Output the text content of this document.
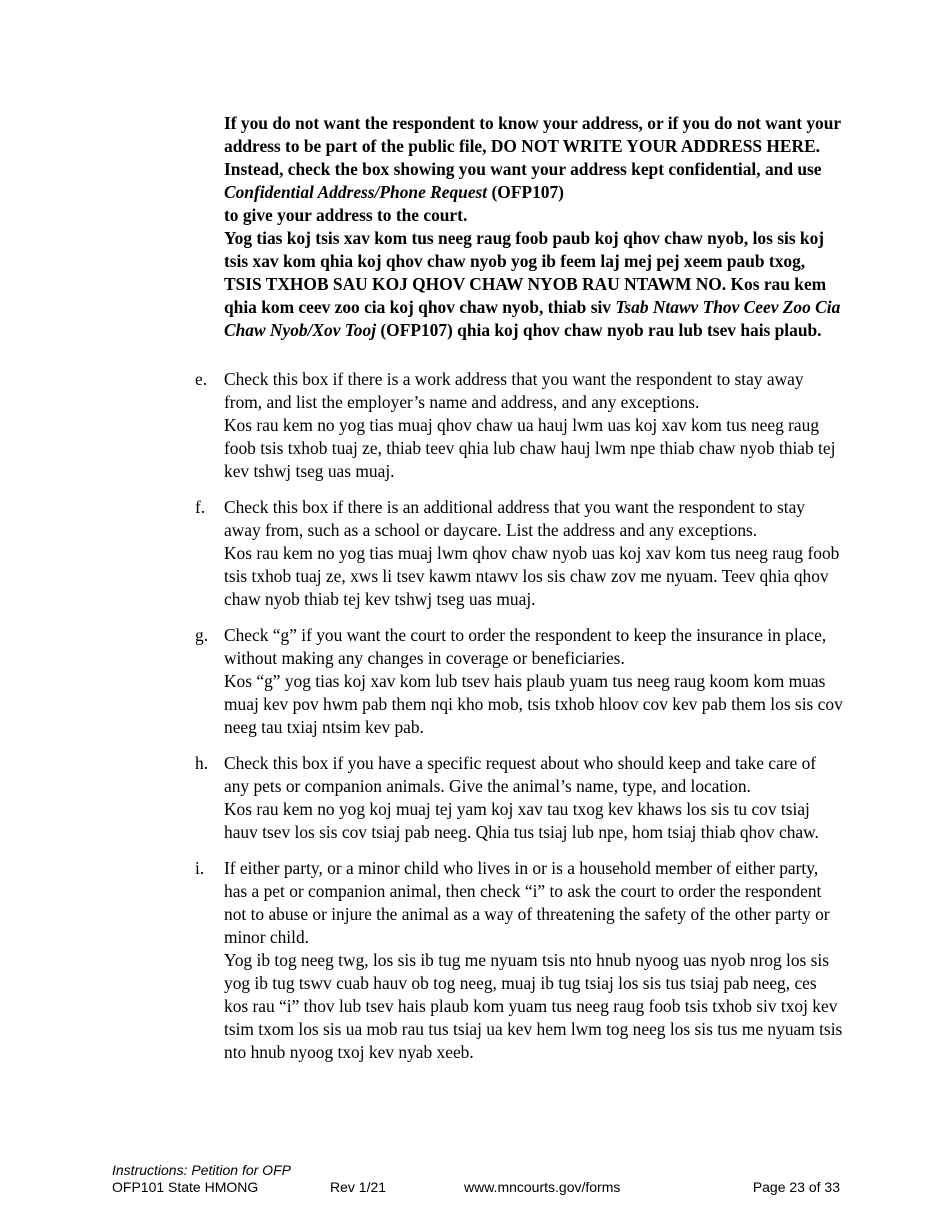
If you do not want the respondent to know your address, or if you do not want your address to be part of the public file, DO NOT WRITE YOUR ADDRESS HERE. Instead, check the box showing you want your address kept confidential, and use Confidential Address/Phone Request (OFP107)
to give your address to the court.

Yog tias koj tsis xav kom tus neeg raug foob paub koj qhov chaw nyob, los sis koj tsis xav kom qhia koj qhov chaw nyob yog ib feem laj mej pej xeem paub txog, TSIS TXHOB SAU KOJ QHOV CHAW NYOB RAU NTAWM NO. Kos rau kem qhia kom ceev zoo cia koj qhov chaw nyob, thiab siv Tsab Ntawv Thov Ceev Zoo Cia Chaw Nyob/Xov Tooj (OFP107) qhia koj qhov chaw nyob rau lub tsev hais plaub.

e. Check this box if there is a work address that you want the respondent to stay away from, and list the employer’s name and address, and any exceptions.

Kos rau kem no yog tias muaj qhov chaw ua hauj lwm uas koj xav kom tus neeg raug foob tsis txhob tuaj ze, thiab teev qhia lub chaw hauj lwm npe thiab chaw nyob thiab tej kev tshwj tseg uas muaj.

f.	Check this box if there is an additional address that you want the respondent to stay away from, such as a school or daycare. List the address and any exceptions.

Kos rau kem no yog tias muaj lwm qhov chaw nyob uas koj xav kom tus neeg raug foob tsis txhob tuaj ze, xws li tsev kawm ntawv los sis chaw zov me nyuam. Teev qhia qhov chaw nyob thiab tej kev tshwj tseg uas muaj.

g. Check “g” if you want the court to order the respondent to keep the insurance in place, without making any changes in coverage or beneficiaries.

Kos “g” yog tias koj xav kom lub tsev hais plaub yuam tus neeg raug koom kom muas muaj kev pov hwm pab them nqi kho mob, tsis txhob hloov cov kev pab them los sis cov neeg tau txiaj ntsim kev pab.

h. Check this box if you have a specific request about who should keep and take care of any pets or companion animals. Give the animal’s name, type, and location.

Kos rau kem no yog koj muaj tej yam koj xav tau txog kev khaws los sis tu cov tsiaj hauv tsev los sis cov tsiaj pab neeg. Qhia tus tsiaj lub npe, hom tsiaj thiab qhov chaw.

i.	If either party, or a minor child who lives in or is a household member of either party, has a pet or companion animal, then check “i” to ask the court to order the respondent not to abuse or injure the animal as a way of threatening the safety of the other party or minor child.

Yog ib tog neeg twg, los sis ib tug me nyuam tsis nto hnub nyoog uas nyob nrog los sis yog ib tug tswv cuab hauv ob tog neeg, muaj ib tug tsiaj los sis tus tsiaj pab neeg, ces kos rau “i” thov lub tsev hais plaub kom yuam tus neeg raug foob tsis txhob siv txoj kev tsim txom los sis ua mob rau tus tsiaj ua kev hem lwm tog neeg los sis tus me nyuam tsis nto hnub nyoog txoj kev nyab xeeb.

Instructions: Petition for OFP
OFP101 State HMONG	Rev 1/21	www.mncourts.gov/forms	Page 23 of 33
